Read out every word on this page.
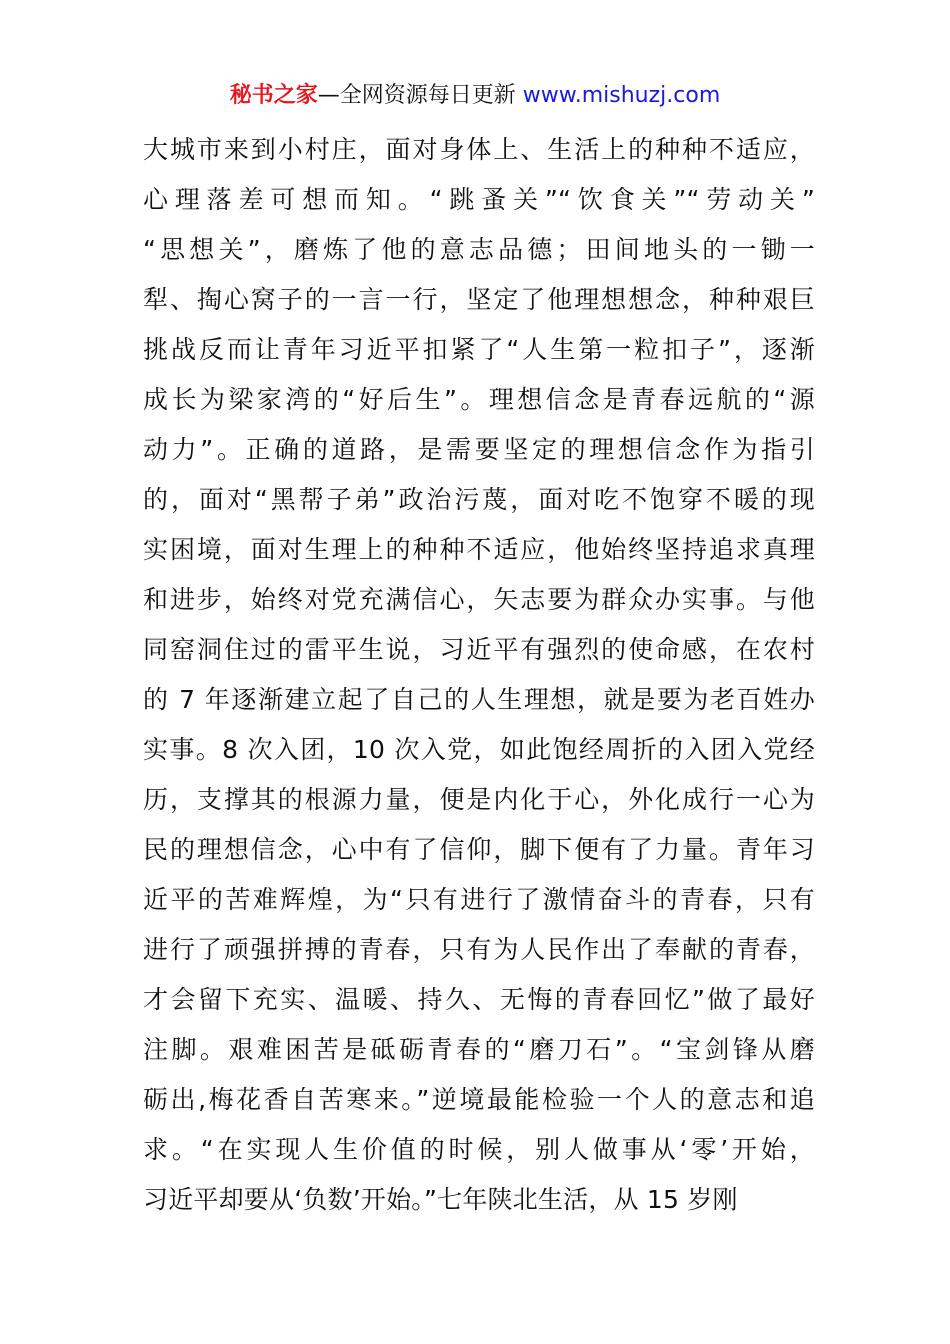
秘书之家—全网资源每日更新 www.mishuzj.com
大城市来到小村庄，面对身体上、生活上的种种不适应，
心理落差可想而知。“跳蚤关”“饮食关”“劳动关”
“思想关”，磨炼了他的意志品德；田间地头的一锄一
犁、掏心窝子的一言一行，坚定了他理想想念，种种艰巨
挑战反而让青年习近平扣紧了“人生第一粒扣子”，逐渐
成长为梁家湾的“好后生”。理想信念是青春远航的“源
动力”。正确的道路，是需要坚定的理想信念作为指引
的，面对“黑帮子弟”政治污蔑，面对吃不饱穿不暖的现
实困境，面对生理上的种种不适应，他始终坚持追求真理
和进步，始终对党充满信心，矢志要为群众办实事。与他
同窑洞住过的雷平生说，习近平有强烈的使命感，在农村
的 7 年逐渐建立起了自己的人生理想，就是要为老百姓办
实事。8 次入团，10 次入党，如此饱经周折的入团入党经
历，支撑其的根源力量，便是内化于心，外化成行一心为
民的理想信念，心中有了信仰，脚下便有了力量。青年习
近平的苦难辉煌，为“只有进行了激情奋斗的青春，只有
进行了顽强拼搏的青春，只有为人民作出了奉献的青春，
才会留下充实、温暖、持久、无悔的青春回忆”做了最好
注脚。艰难困苦是砥砺青春的“磨刀石”。“宝剑锋从磨
砺出,梅花香自苦寒来。”逆境最能检验一个人的意志和追
求。“在实现人生价值的时候，别人做事从‘零’开始，
习近平却要从‘负数’开始。”七年陕北生活，从 15 岁刚
